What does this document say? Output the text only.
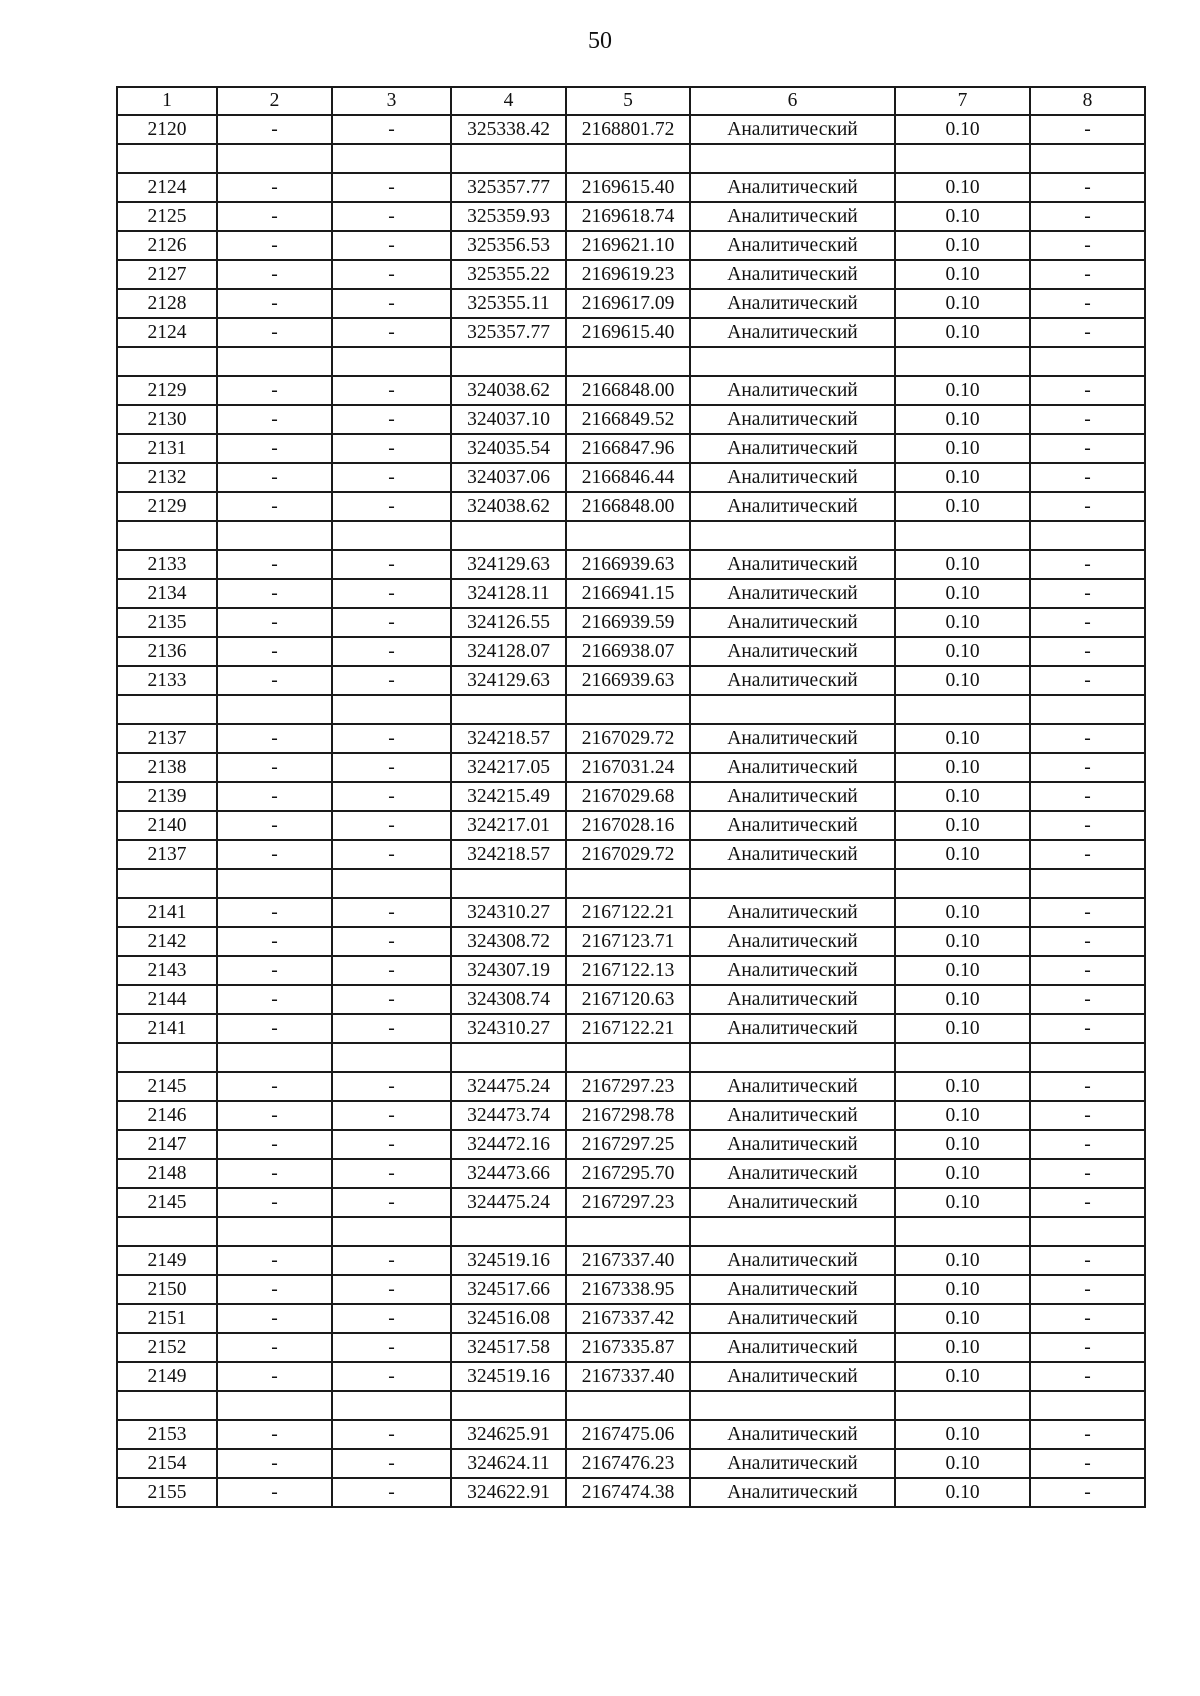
50
1	2	3	4	5	6	7	8
2120	-	-	325338.42	2168801.72	Аналитический	0.10	-

2124	-	-	325357.77	2169615.40	Аналитический	0.10	-
2125	-	-	325359.93	2169618.74	Аналитический	0.10	-
2126	-	-	325356.53	2169621.10	Аналитический	0.10	-
2127	-	-	325355.22	2169619.23	Аналитический	0.10	-
2128	-	-	325355.11	2169617.09	Аналитический	0.10	-
2124	-	-	325357.77	2169615.40	Аналитический	0.10	-

2129	-	-	324038.62	2166848.00	Аналитический	0.10	-
2130	-	-	324037.10	2166849.52	Аналитический	0.10	-
2131	-	-	324035.54	2166847.96	Аналитический	0.10	-
2132	-	-	324037.06	2166846.44	Аналитический	0.10	-
2129	-	-	324038.62	2166848.00	Аналитический	0.10	-

2133	-	-	324129.63	2166939.63	Аналитический	0.10	-
2134	-	-	324128.11	2166941.15	Аналитический	0.10	-
2135	-	-	324126.55	2166939.59	Аналитический	0.10	-
2136	-	-	324128.07	2166938.07	Аналитический	0.10	-
2133	-	-	324129.63	2166939.63	Аналитический	0.10	-

2137	-	-	324218.57	2167029.72	Аналитический	0.10	-
2138	-	-	324217.05	2167031.24	Аналитический	0.10	-
2139	-	-	324215.49	2167029.68	Аналитический	0.10	-
2140	-	-	324217.01	2167028.16	Аналитический	0.10	-
2137	-	-	324218.57	2167029.72	Аналитический	0.10	-

2141	-	-	324310.27	2167122.21	Аналитический	0.10	-
2142	-	-	324308.72	2167123.71	Аналитический	0.10	-
2143	-	-	324307.19	2167122.13	Аналитический	0.10	-
2144	-	-	324308.74	2167120.63	Аналитический	0.10	-
2141	-	-	324310.27	2167122.21	Аналитический	0.10	-

2145	-	-	324475.24	2167297.23	Аналитический	0.10	-
2146	-	-	324473.74	2167298.78	Аналитический	0.10	-
2147	-	-	324472.16	2167297.25	Аналитический	0.10	-
2148	-	-	324473.66	2167295.70	Аналитический	0.10	-
2145	-	-	324475.24	2167297.23	Аналитический	0.10	-

2149	-	-	324519.16	2167337.40	Аналитический	0.10	-
2150	-	-	324517.66	2167338.95	Аналитический	0.10	-
2151	-	-	324516.08	2167337.42	Аналитический	0.10	-
2152	-	-	324517.58	2167335.87	Аналитический	0.10	-
2149	-	-	324519.16	2167337.40	Аналитический	0.10	-

2153	-	-	324625.91	2167475.06	Аналитический	0.10	-
2154	-	-	324624.11	2167476.23	Аналитический	0.10	-
2155	-	-	324622.91	2167474.38	Аналитический	0.10	-
